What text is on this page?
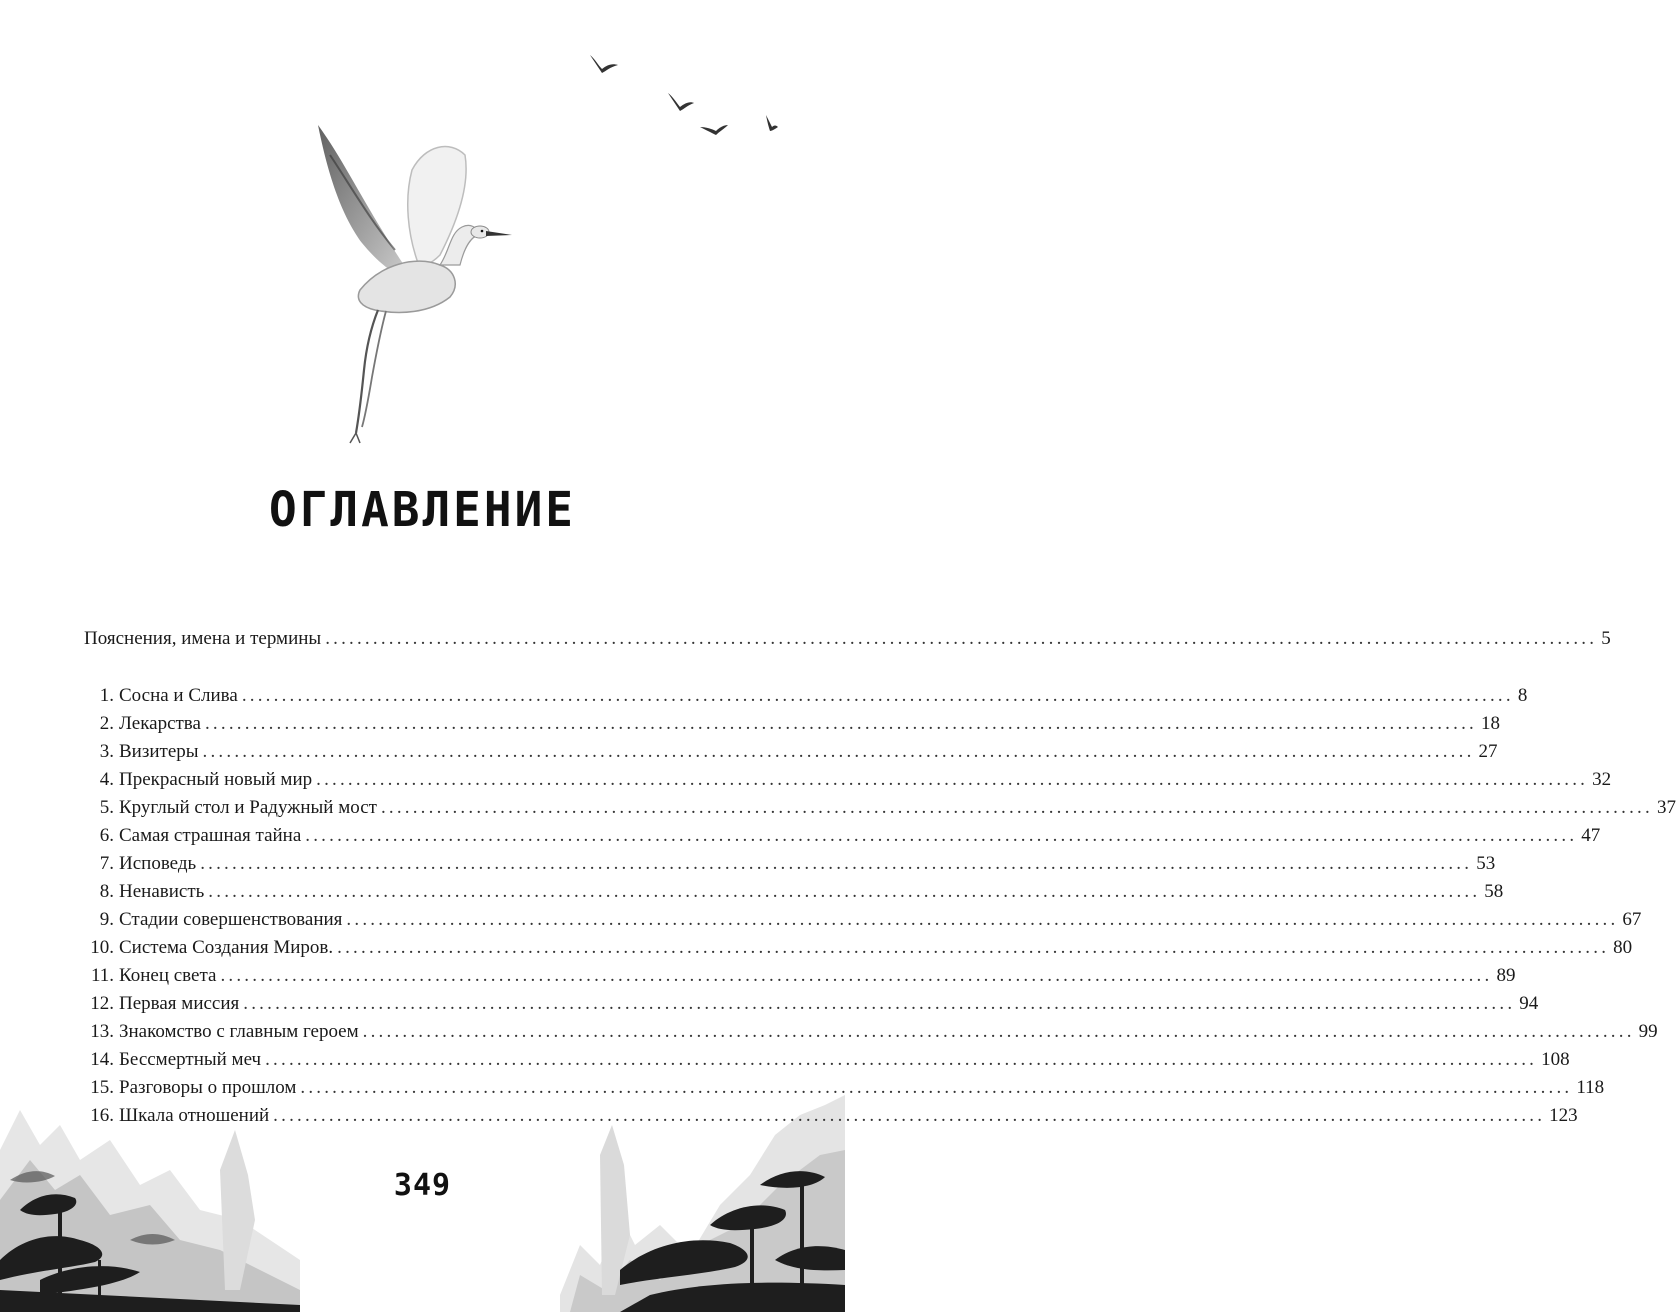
ОГЛАВЛЕНИЕ
Пояснения, имена и термины ................................................................................................................................................................ 5
1. Сосна и Слива ................................................................................................................................................................ 8
2. Лекарства ................................................................................................................................................................ 18
3. Визитеры ................................................................................................................................................................ 27
4. Прекрасный новый мир ................................................................................................................................................................ 32
5. Круглый стол и Радужный мост ................................................................................................................................................................ 37
6. Самая страшная тайна ................................................................................................................................................................ 47
7. Исповедь ................................................................................................................................................................ 53
8. Ненависть ................................................................................................................................................................ 58
9. Стадии совершенствования ................................................................................................................................................................ 67
10. Система Создания Миров. ................................................................................................................................................................ 80
11. Конец света ................................................................................................................................................................ 89
12. Первая миссия ................................................................................................................................................................ 94
13. Знакомство с главным героем ................................................................................................................................................................ 99
14. Бессмертный меч ................................................................................................................................................................ 108
15. Разговоры о прошлом ................................................................................................................................................................ 118
16. Шкала отношений ................................................................................................................................................................ 123
349
